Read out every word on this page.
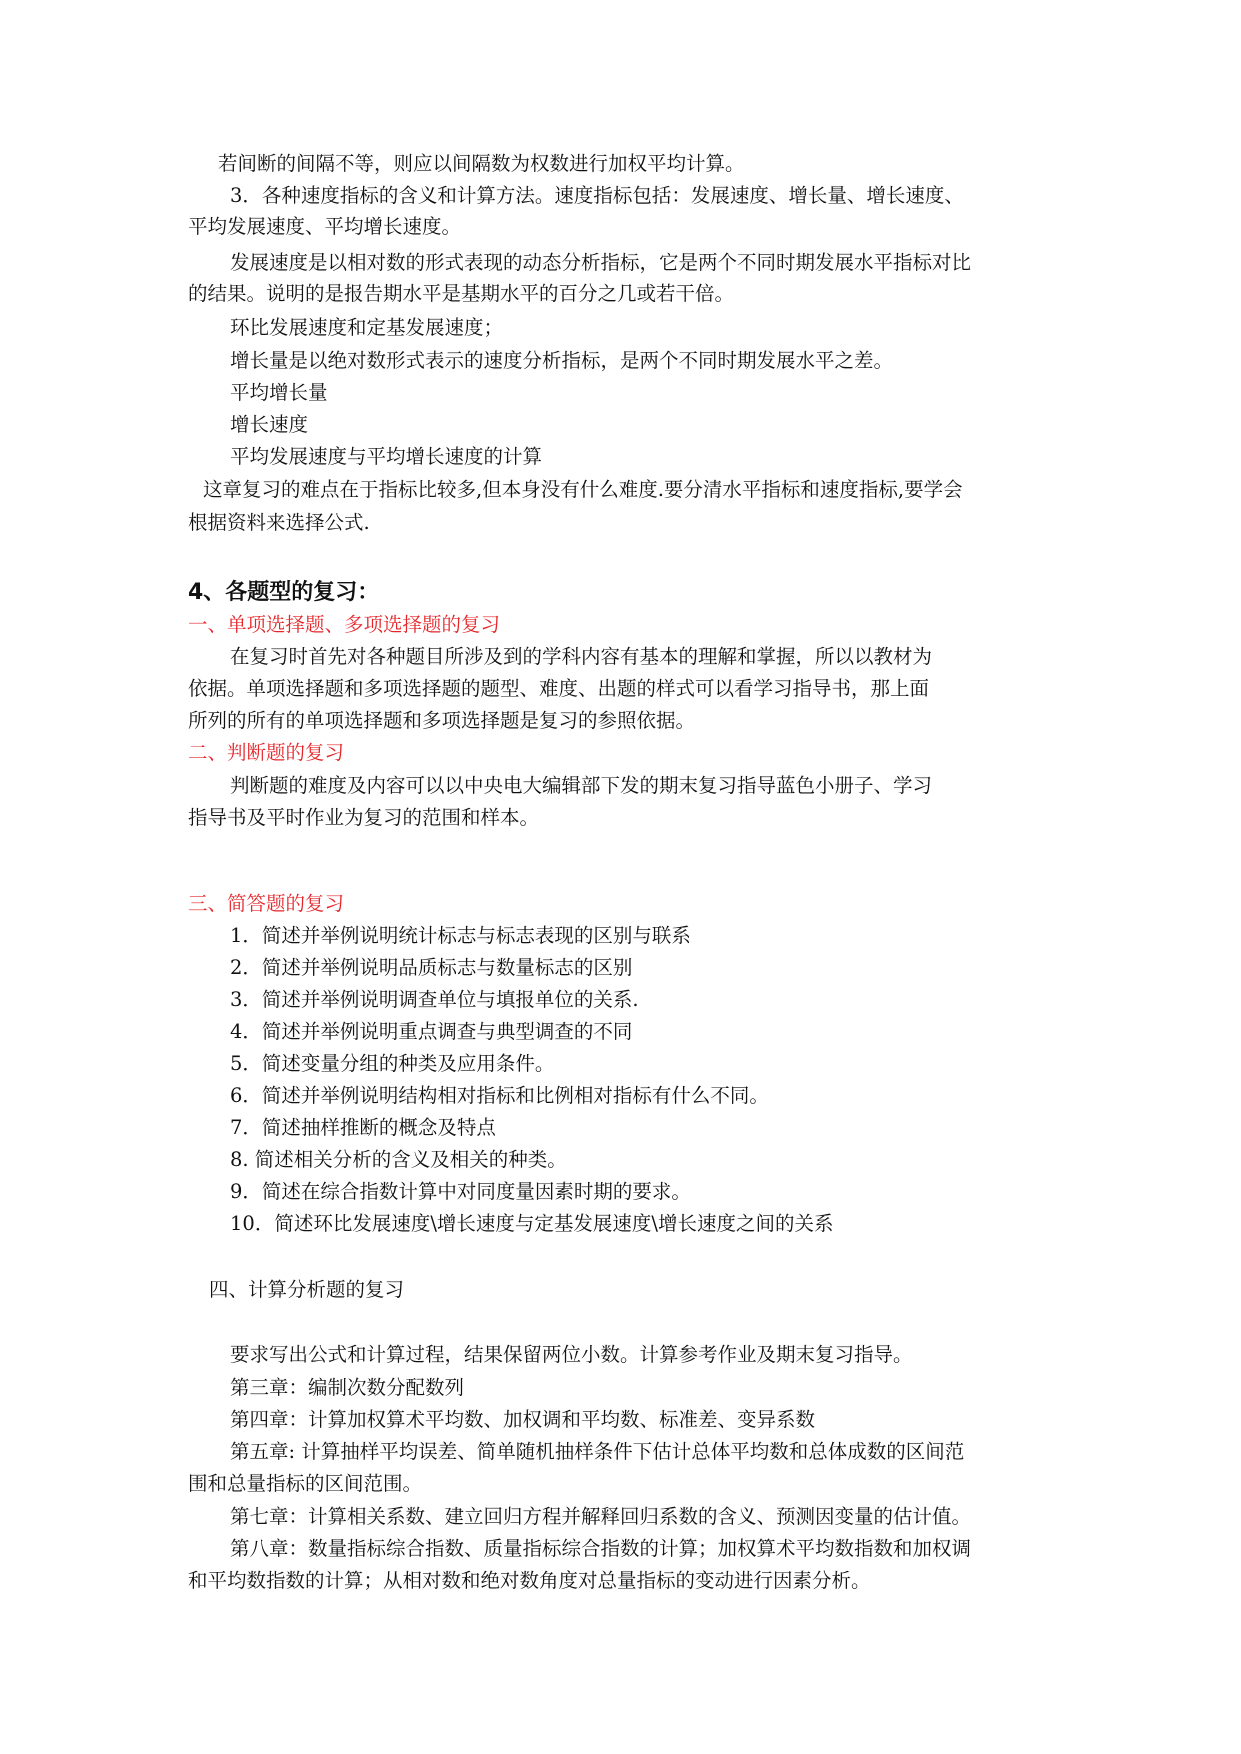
若间断的间隔不等，则应以间隔数为权数进行加权平均计算。
3．各种速度指标的含义和计算方法。速度指标包括：发展速度、增长量、增长速度、
平均发展速度、平均增长速度。
发展速度是以相对数的形式表现的动态分析指标，它是两个不同时期发展水平指标对比
的结果。说明的是报告期水平是基期水平的百分之几或若干倍。
环比发展速度和定基发展速度；
增长量是以绝对数形式表示的速度分析指标，是两个不同时期发展水平之差。
平均增长量
增长速度
平均发展速度与平均增长速度的计算
这章复习的难点在于指标比较多,但本身没有什么难度.要分清水平指标和速度指标,要学会
根据资料来选择公式.
4、各题型的复习：
一、单项选择题、多项选择题的复习
在复习时首先对各种题目所涉及到的学科内容有基本的理解和掌握，所以以教材为
依据。单项选择题和多项选择题的题型、难度、出题的样式可以看学习指导书，那上面
所列的所有的单项选择题和多项选择题是复习的参照依据。
二、判断题的复习
判断题的难度及内容可以以中央电大编辑部下发的期末复习指导蓝色小册子、学习
指导书及平时作业为复习的范围和样本。
三、简答题的复习
1．简述并举例说明统计标志与标志表现的区别与联系
2．简述并举例说明品质标志与数量标志的区别
3．简述并举例说明调查单位与填报单位的关系.
4．简述并举例说明重点调查与典型调查的不同
5．简述变量分组的种类及应用条件。
6．简述并举例说明结构相对指标和比例相对指标有什么不同。
7．简述抽样推断的概念及特点
8. 简述相关分析的含义及相关的种类。
9．简述在综合指数计算中对同度量因素时期的要求。
10．简述环比发展速度\增长速度与定基发展速度\增长速度之间的关系
四、计算分析题的复习
要求写出公式和计算过程，结果保留两位小数。计算参考作业及期末复习指导。
第三章：编制次数分配数列
第四章：计算加权算术平均数、加权调和平均数、标准差、变异系数
第五章: 计算抽样平均误差、简单随机抽样条件下估计总体平均数和总体成数的区间范
围和总量指标的区间范围。
第七章：计算相关系数、建立回归方程并解释回归系数的含义、预测因变量的估计值。
第八章：数量指标综合指数、质量指标综合指数的计算；加权算术平均数指数和加权调
和平均数指数的计算；从相对数和绝对数角度对总量指标的变动进行因素分析。
